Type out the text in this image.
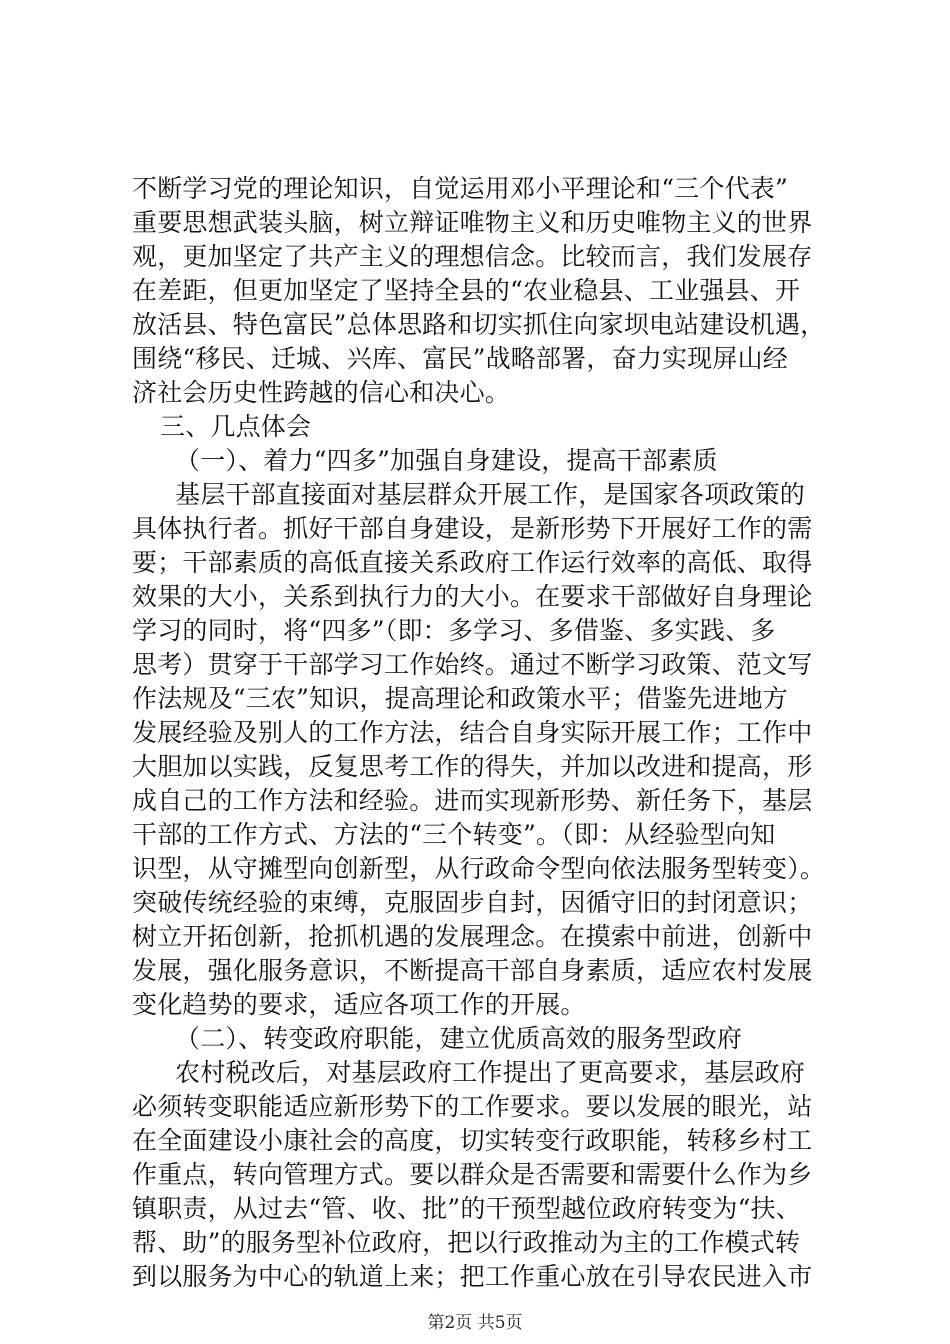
不断学习党的理论知识，自觉运用邓小平理论和“三个代表”
重要思想武装头脑，树立辩证唯物主义和历史唯物主义的世界
观，更加坚定了共产主义的理想信念。比较而言，我们发展存
在差距，但更加坚定了坚持全县的“农业稳县、工业强县、开
放活县、特色富民”总体思路和切实抓住向家坝电站建设机遇，
围绕“移民、迁城、兴库、富民”战略部署，奋力实现屏山经
济社会历史性跨越的信心和决心。
三、几点体会
（一）、着力“四多”加强自身建设，提高干部素质
基层干部直接面对基层群众开展工作，是国家各项政策的
具体执行者。抓好干部自身建设，是新形势下开展好工作的需
要；干部素质的高低直接关系政府工作运行效率的高低、取得
效果的大小，关系到执行力的大小。在要求干部做好自身理论
学习的同时，将“四多”（即：多学习、多借鉴、多实践、多
思考）贯穿于干部学习工作始终。通过不断学习政策、范文写
作法规及“三农”知识，提高理论和政策水平；借鉴先进地方
发展经验及别人的工作方法，结合自身实际开展工作；工作中
大胆加以实践，反复思考工作的得失，并加以改进和提高，形
成自己的工作方法和经验。进而实现新形势、新任务下，基层
干部的工作方式、方法的“三个转变”。（即：从经验型向知
识型，从守摊型向创新型，从行政命令型向依法服务型转变）。
突破传统经验的束缚，克服固步自封，因循守旧的封闭意识；
树立开拓创新，抢抓机遇的发展理念。在摸索中前进，创新中
发展，强化服务意识，不断提高干部自身素质，适应农村发展
变化趋势的要求，适应各项工作的开展。
（二）、转变政府职能，建立优质高效的服务型政府
农村税改后，对基层政府工作提出了更高要求，基层政府
必须转变职能适应新形势下的工作要求。要以发展的眼光，站
在全面建设小康社会的高度，切实转变行政职能，转移乡村工
作重点，转向管理方式。要以群众是否需要和需要什么作为乡
镇职责，从过去“管、收、批”的干预型越位政府转变为“扶、
帮、助”的服务型补位政府，把以行政推动为主的工作模式转
到以服务为中心的轨道上来；把工作重心放在引导农民进入市
第2页 共5页
